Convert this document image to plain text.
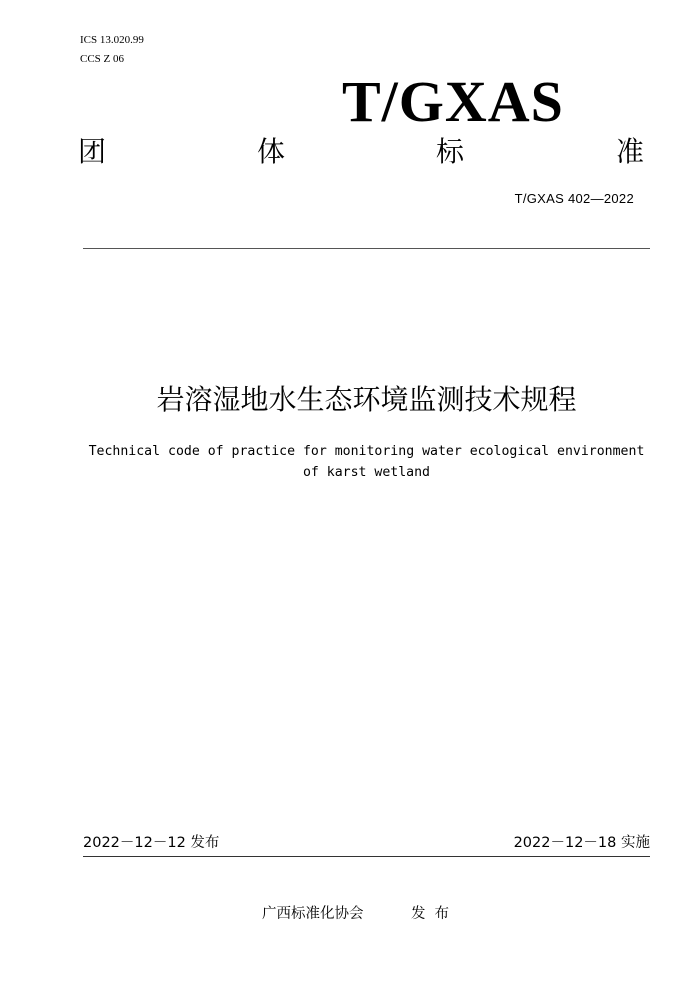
ICS 13.020.99
CCS Z 06
T/GXAS
团	体	标	准
T/GXAS 402—2022
岩溶湿地水生态环境监测技术规程
Technical code of practice for monitoring water ecological environment
of karst wetland
2022－12－12 发布	2022－12－18 实施
广西标准化协会	发布
